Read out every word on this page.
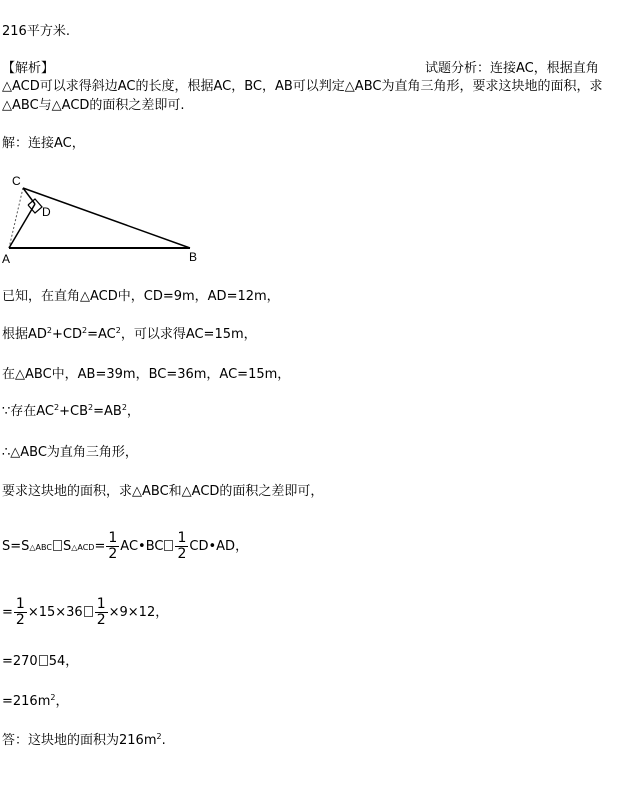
216平方米.
【解析】	试题分析：连接AC，根据直角
△ACD可以求得斜边AC的长度，根据AC，BC，AB可以判定△ABC为直角三角形，要求这块地的面积，求
△ABC与△ACD的面积之差即可.
解：连接AC，
C
D
A	B
已知，在直角△ACD中，CD=9m，AD=12m，
根据$AD^2+CD^2=AC^2$，可以求得AC=15m，
在△ABC中，AB=39m，BC=36m，AC=15m，
∵存在$AC^2+CB^2=AB^2$，
∴△ABC为直角三角形，
要求这块地的面积，求△ABC和△ACD的面积之差即可，
S=S△ABC S△ACD= $\frac{1}{2}$ AC•BC $\frac{1}{2}$ CD•AD，
= $\frac{1}{2} \times 15\times 36 \frac{1}{2} \times 9\times 12$，
=270 54，
$=216m^2$，
答：这块地的面积为$216m^2$.
